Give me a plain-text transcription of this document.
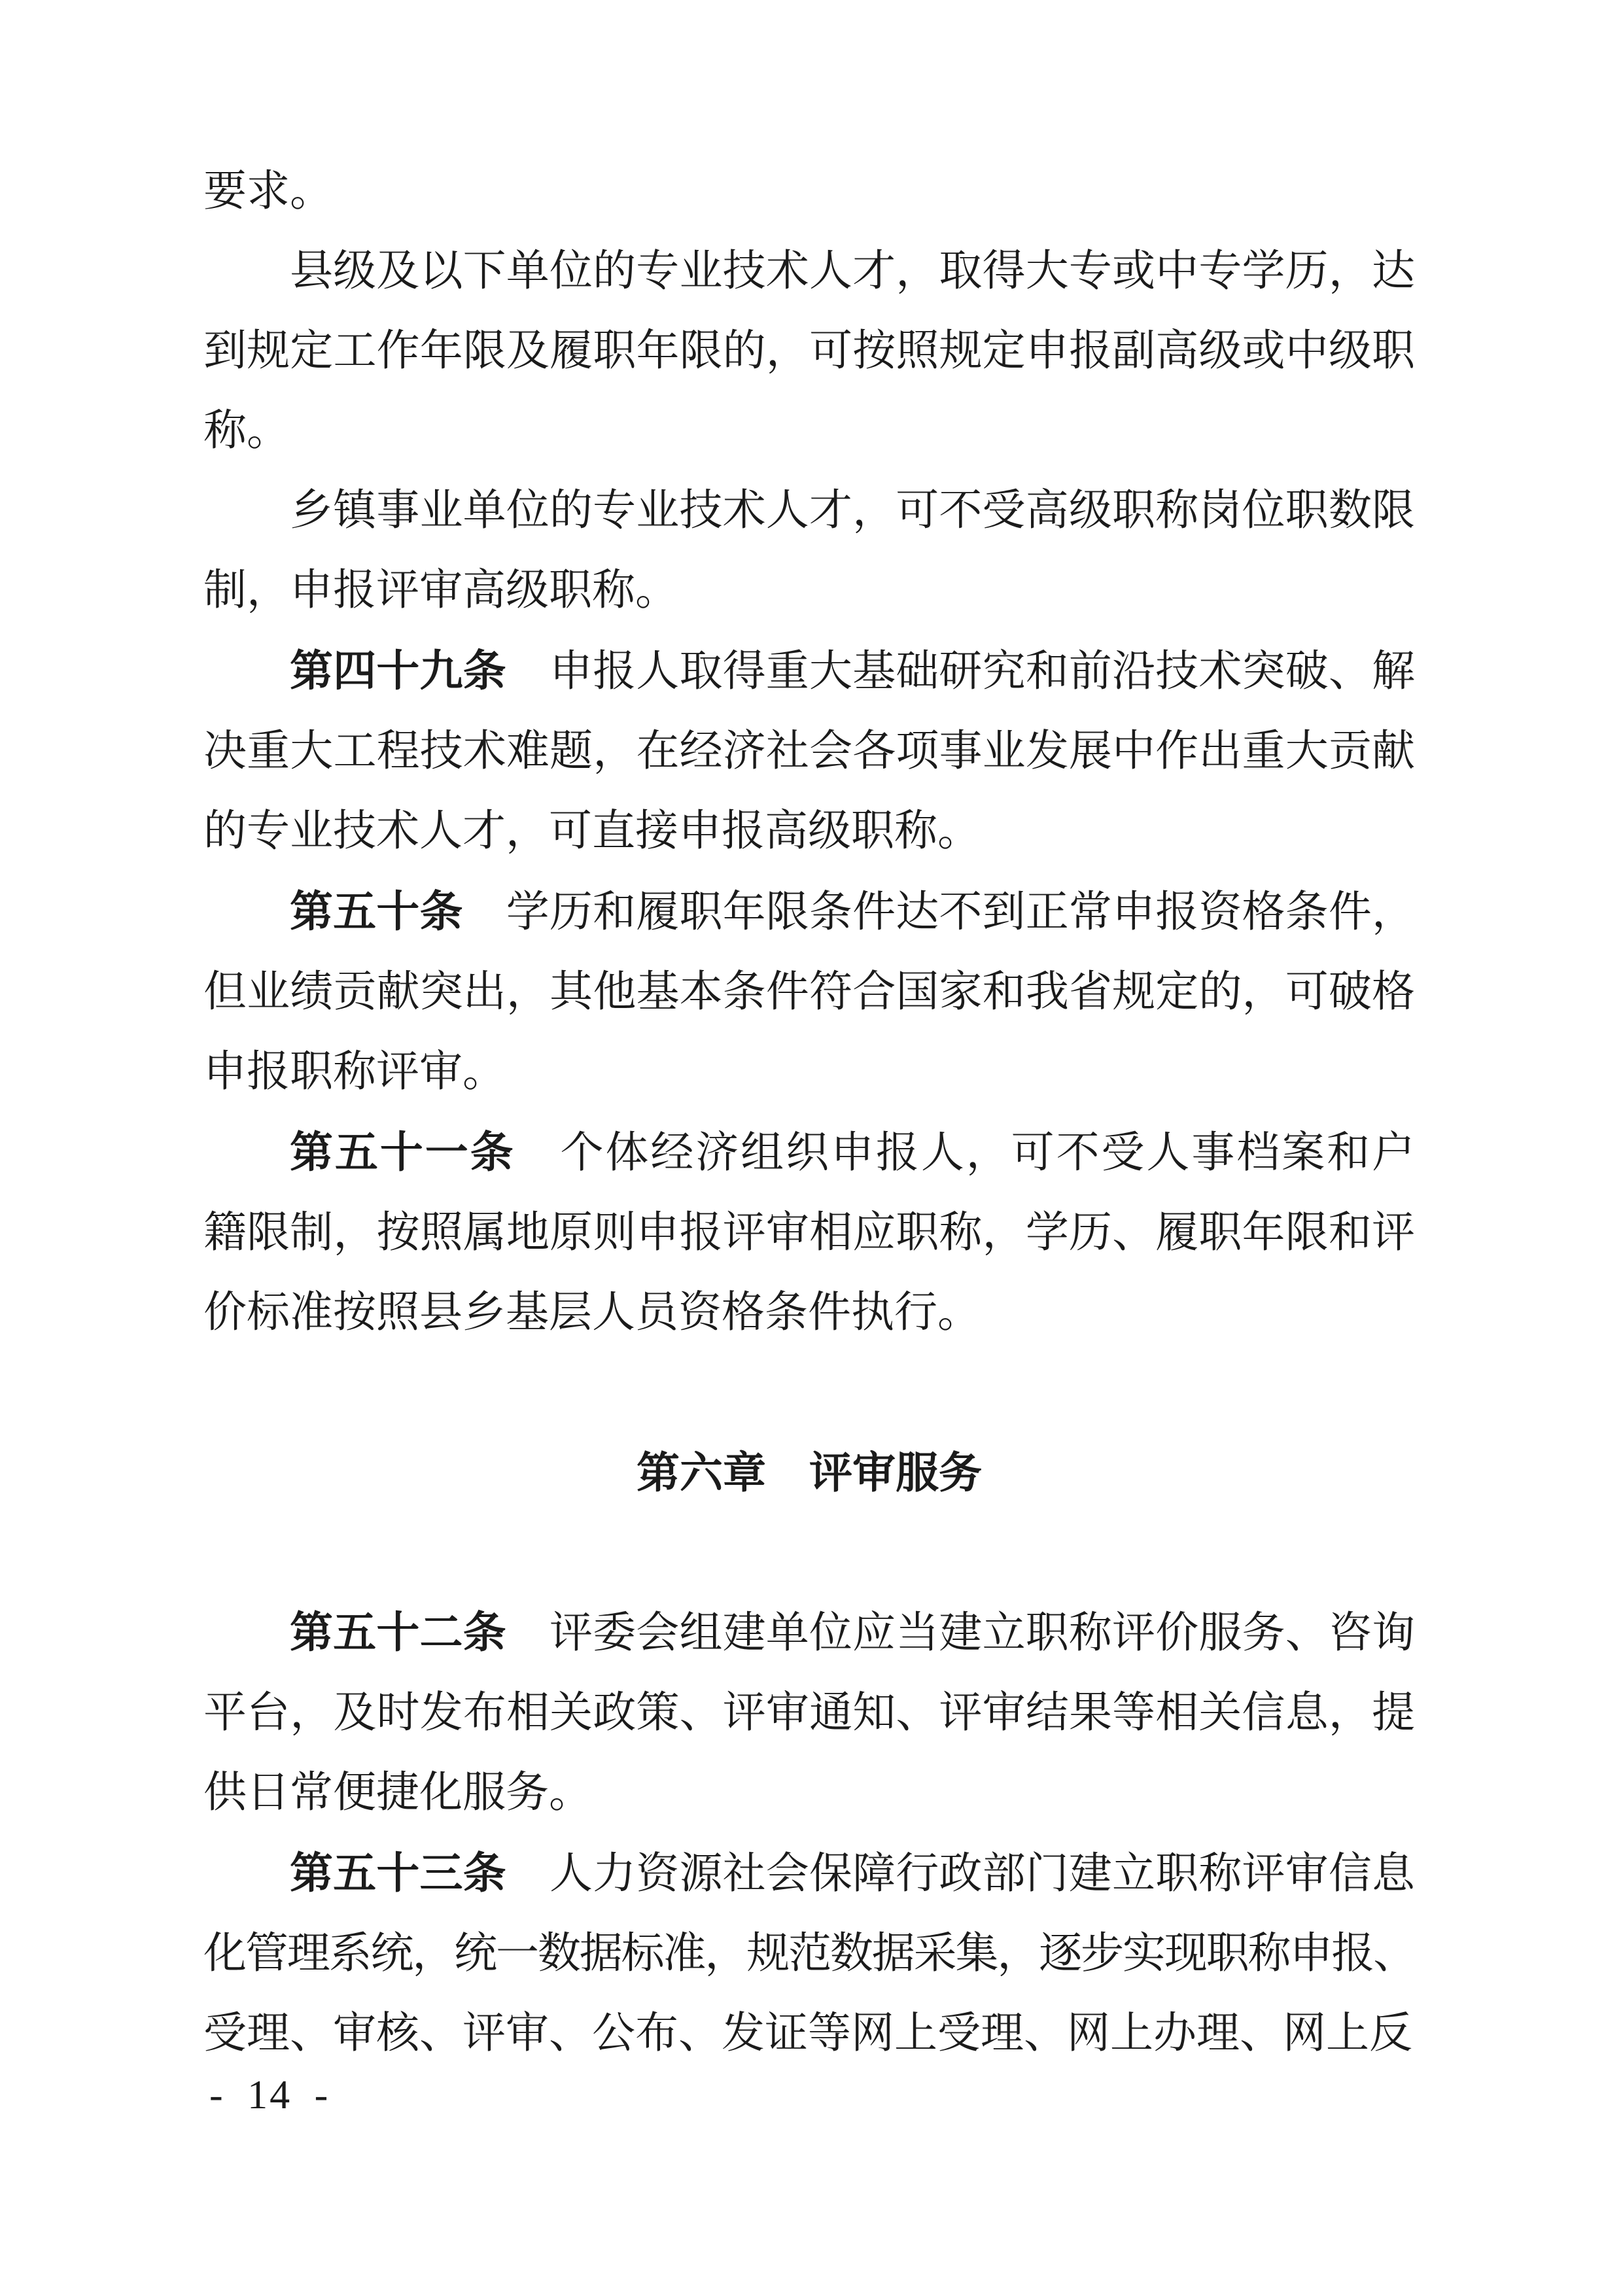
要求。
县级及以下单位的专业技术人才，取得大专或中专学历，达
到规定工作年限及履职年限的，可按照规定申报副高级或中级职
称。
乡镇事业单位的专业技术人才，可不受高级职称岗位职数限
制，申报评审高级职称。
第四十九条　申报人取得重大基础研究和前沿技术突破、解
决重大工程技术难题，在经济社会各项事业发展中作出重大贡献
的专业技术人才，可直接申报高级职称。
第五十条　学历和履职年限条件达不到正常申报资格条件，
但业绩贡献突出，其他基本条件符合国家和我省规定的，可破格
申报职称评审。
第五十一条　个体经济组织申报人，可不受人事档案和户
籍限制，按照属地原则申报评审相应职称，学历、履职年限和评
价标准按照县乡基层人员资格条件执行。
第六章　评审服务
第五十二条　评委会组建单位应当建立职称评价服务、咨询
平台，及时发布相关政策、评审通知、评审结果等相关信息，提
供日常便捷化服务。
第五十三条　人力资源社会保障行政部门建立职称评审信息
化管理系统，统一数据标准，规范数据采集，逐步实现职称申报、
受理、审核、评审、公布、发证等网上受理、网上办理、网上反
- 14 -
